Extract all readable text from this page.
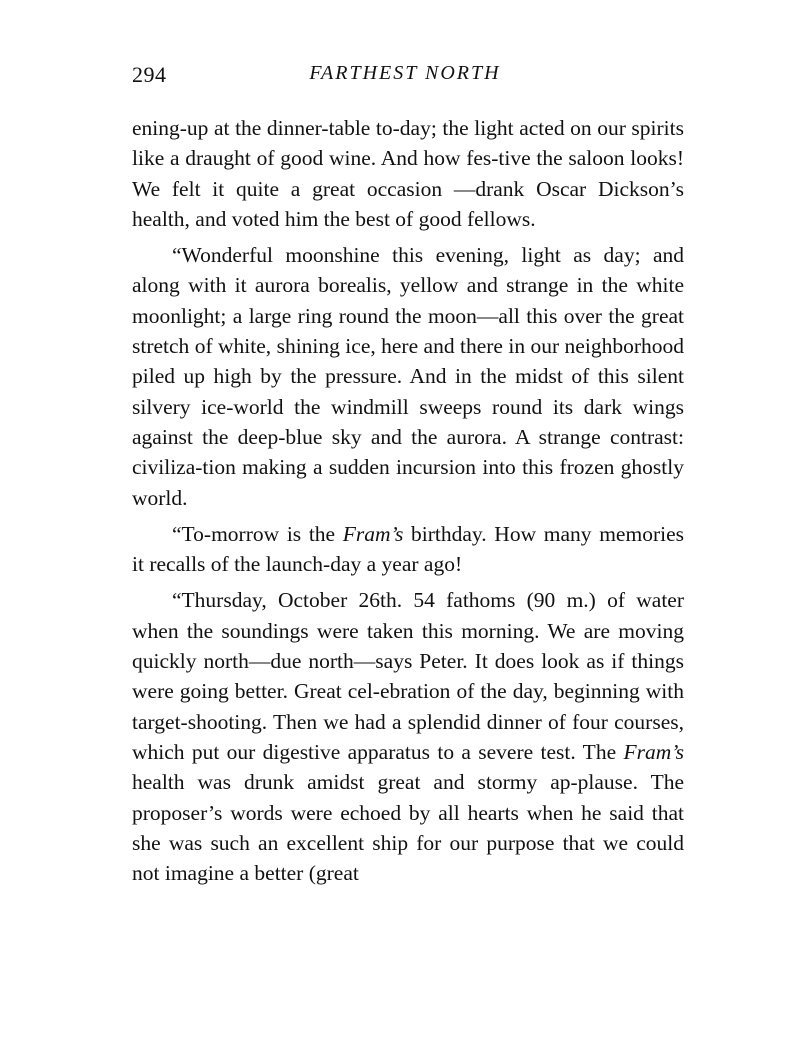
294	FARTHEST NORTH

ening-up at the dinner-table to-day; the light acted on our spirits like a draught of good wine. And how fes-tive the saloon looks! We felt it quite a great occasion —drank Oscar Dickson’s health, and voted him the best of good fellows.

“Wonderful moonshine this evening, light as day; and along with it aurora borealis, yellow and strange in the white moonlight; a large ring round the moon—all this over the great stretch of white, shining ice, here and there in our neighborhood piled up high by the pressure. And in the midst of this silent silvery ice-world the windmill sweeps round its dark wings against the deep-blue sky and the aurora. A strange contrast: civiliza-tion making a sudden incursion into this frozen ghostly world.

“To-morrow is the Fram’s birthday. How many memories it recalls of the launch-day a year ago!

“Thursday, October 26th. 54 fathoms (90 m.) of water when the soundings were taken this morning. We are moving quickly north—due north—says Peter. It does look as if things were going better. Great cel-ebration of the day, beginning with target-shooting. Then we had a splendid dinner of four courses, which put our digestive apparatus to a severe test. The Fram’s health was drunk amidst great and stormy ap-plause. The proposer’s words were echoed by all hearts when he said that she was such an excellent ship for our purpose that we could not imagine a better (great
